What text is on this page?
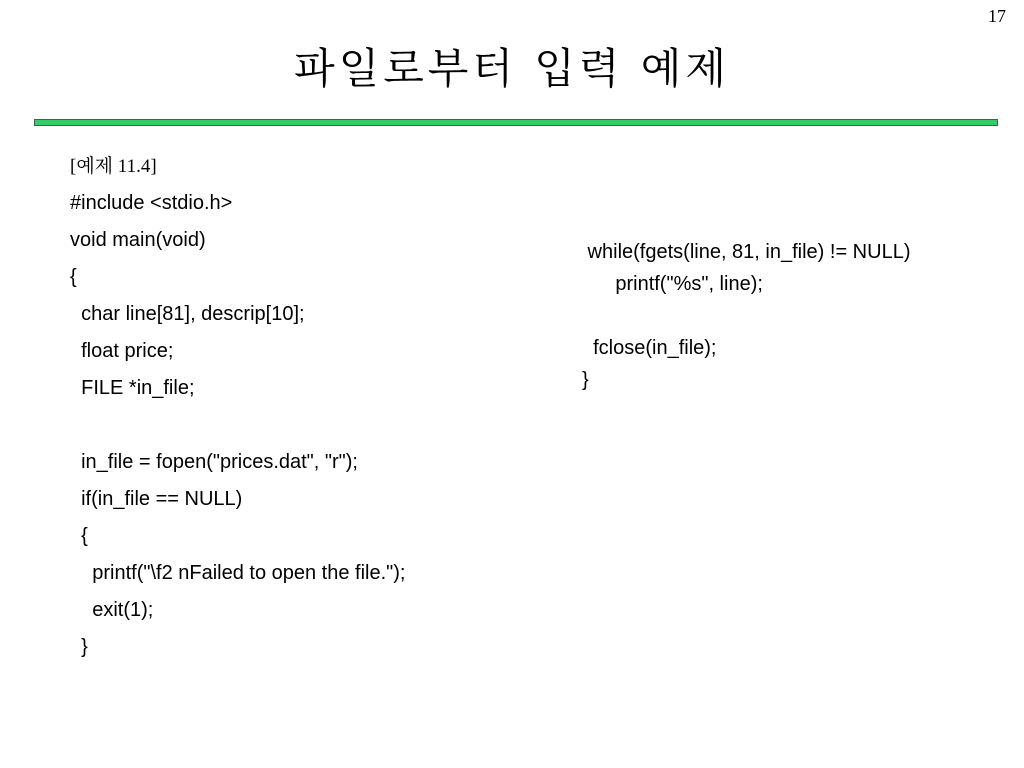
17
파일로부터 입력 예제
[예제 11.4]
#include <stdio.h>
void main(void)
{
char line[81], descrip[10];
float price;
FILE *in_file;
in_file = fopen("prices.dat", "r");
if(in_file == NULL)
{
printf("\f2 nFailed to open the file.");
exit(1);
}
while(fgets(line, 81, in_file) != NULL)
printf("%s", line);
fclose(in_file);
}
